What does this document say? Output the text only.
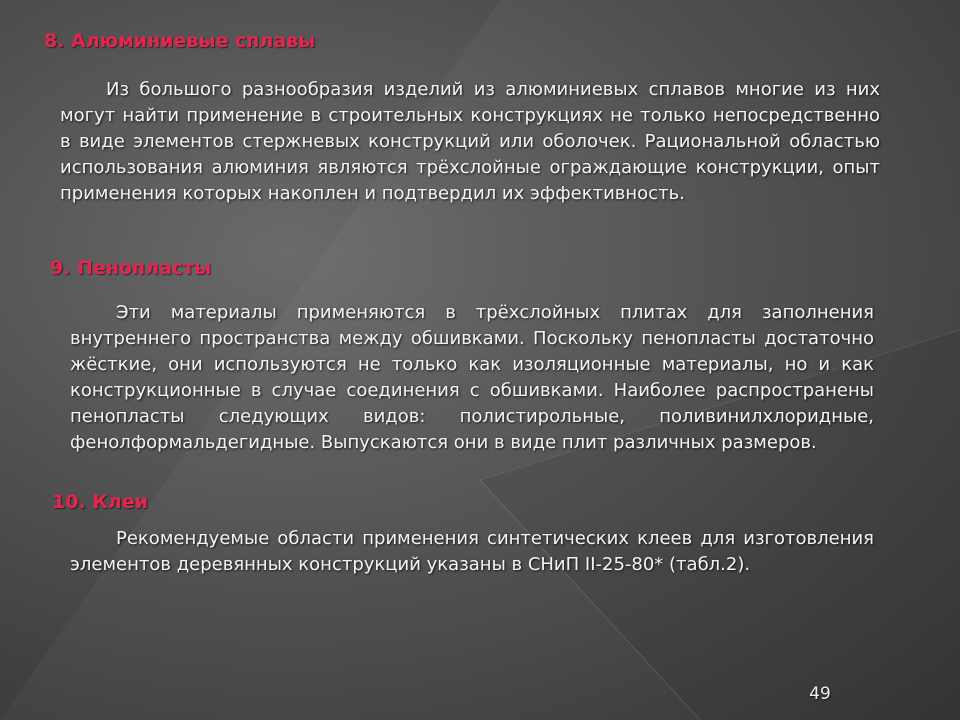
8. Алюминиевые сплавы

Из большого разнообразия изделий из алюминиевых сплавов многие из них могут найти применение в строительных конструкциях не только непосредственно в виде элементов стержневых конструкций или оболочек. Рациональной областью использования алюминия являются трёхслойные ограждающие конструкции, опыт применения которых накоплен и подтвердил их эффективность.

9. Пенопласты

Эти материалы применяются в трёхслойных плитах для заполнения внутреннего пространства между обшивками. Поскольку пенопласты достаточно жёсткие, они используются не только как изоляционные материалы, но и как конструкционные в случае соединения с обшивками. Наиболее распространены пенопласты следующих видов: полистирольные, поливинилхлоридные, фенолформальдегидные. Выпускаются они в виде плит различных размеров.

10. Клеи

Рекомендуемые области применения синтетических клеев для изготовления элементов деревянных конструкций указаны в СНиП II-25-80* (табл.2).

49
